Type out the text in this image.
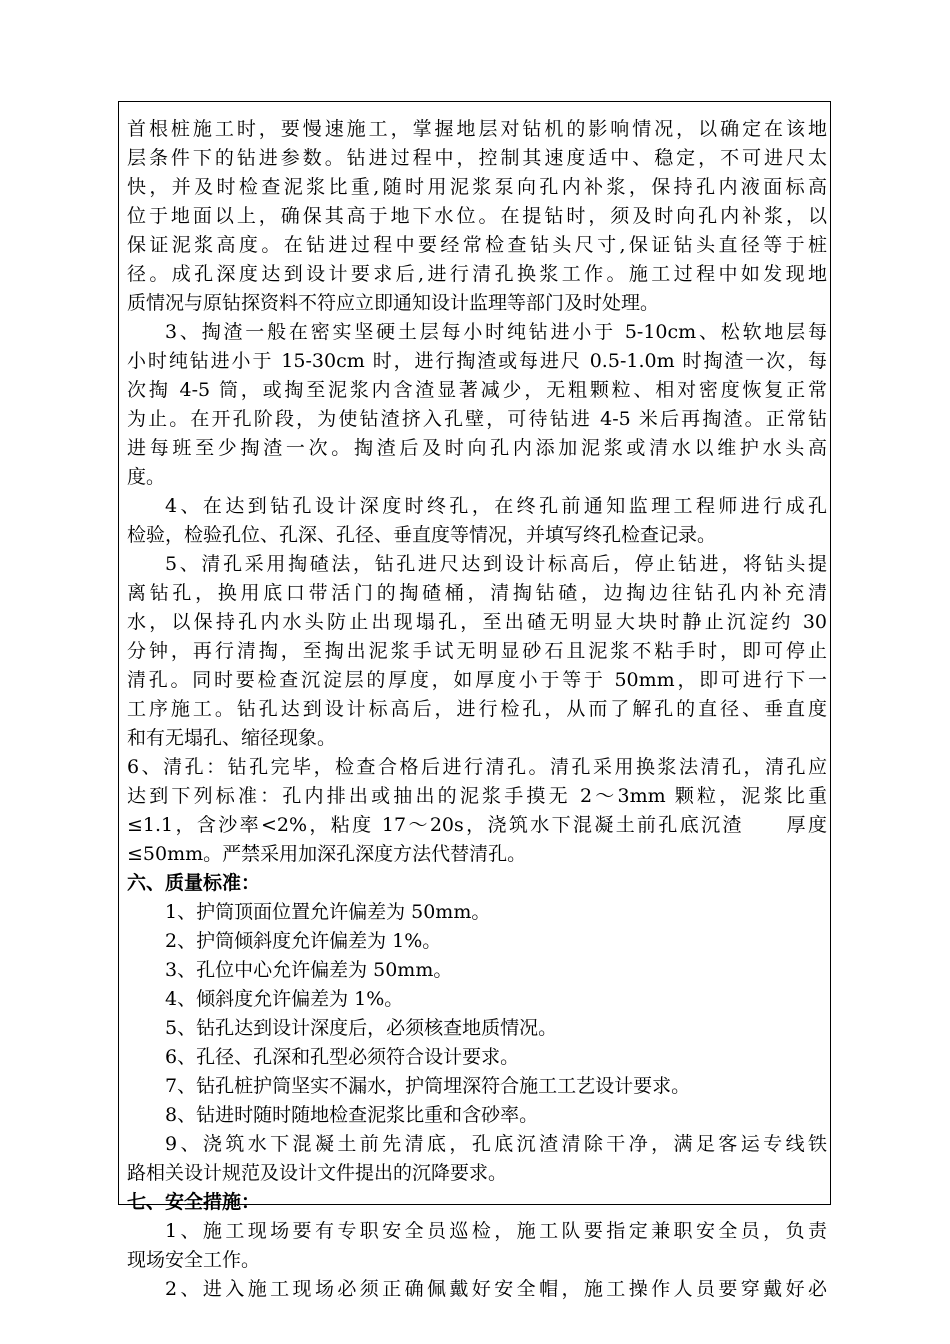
首根桩施工时，要慢速施工，掌握地层对钻机的影响情况，以确定在该地
层条件下的钻进参数。钻进过程中，控制其速度适中、稳定，不可进尺太
快，并及时检查泥浆比重,随时用泥浆泵向孔内补浆，保持孔内液面标高
位于地面以上，确保其高于地下水位。在提钻时，须及时向孔内补浆，以
保证泥浆高度。在钻进过程中要经常检查钻头尺寸,保证钻头直径等于桩
径。成孔深度达到设计要求后,进行清孔换浆工作。施工过程中如发现地
质情况与原钻探资料不符应立即通知设计监理等部门及时处理。
3、掏渣一般在密实坚硬土层每小时纯钻进小于 5-10cm、松软地层每
小时纯钻进小于 15-30cm 时，进行掏渣或每进尺 0.5-1.0m 时掏渣一次，每
次掏 4-5 筒，或掏至泥浆内含渣显著减少，无粗颗粒、相对密度恢复正常
为止。在开孔阶段，为使钻渣挤入孔壁，可待钻进 4-5 米后再掏渣。正常钻
进每班至少掏渣一次。掏渣后及时向孔内添加泥浆或清水以维护水头高
度。
4、在达到钻孔设计深度时终孔，在终孔前通知监理工程师进行成孔
检验，检验孔位、孔深、孔径、垂直度等情况，并填写终孔检查记录。
5、清孔采用掏碴法，钻孔进尺达到设计标高后，停止钻进，将钻头提
离钻孔，换用底口带活门的掏碴桶，清掏钻碴，边掏边往钻孔内补充清
水，以保持孔内水头防止出现塌孔，至出碴无明显大块时静止沉淀约 30
分钟，再行清掏，至掏出泥浆手试无明显砂石且泥浆不粘手时，即可停止
清孔。同时要检查沉淀层的厚度，如厚度小于等于 50mm，即可进行下一
工序施工。钻孔达到设计标高后，进行检孔，从而了解孔的直径、垂直度
和有无塌孔、缩径现象。
6、清孔：钻孔完毕，检查合格后进行清孔。清孔采用换浆法清孔，清孔应
达到下列标准：孔内排出或抽出的泥浆手摸无 2～3mm 颗粒，泥浆比重
≤1.1，含沙率<2%，粘度 17～20s，浇筑水下混凝土前孔底沉渣　　厚度
≤50mm。严禁采用加深孔深度方法代替清孔。
六、质量标准：
1、护筒顶面位置允许偏差为 50mm。
2、护筒倾斜度允许偏差为 1%。
3、孔位中心允许偏差为 50mm。
4、倾斜度允许偏差为 1%。
5、钻孔达到设计深度后，必须核查地质情况。
6、孔径、孔深和孔型必须符合设计要求。
7、钻孔桩护筒坚实不漏水，护筒埋深符合施工工艺设计要求。
8、钻进时随时随地检查泥浆比重和含砂率。
9、浇筑水下混凝土前先清底，孔底沉渣清除干净，满足客运专线铁
路相关设计规范及设计文件提出的沉降要求。
七、安全措施：
1、施工现场要有专职安全员巡检，施工队要指定兼职安全员，负责
现场安全工作。
2、进入施工现场必须正确佩戴好安全帽，施工操作人员要穿戴好必
